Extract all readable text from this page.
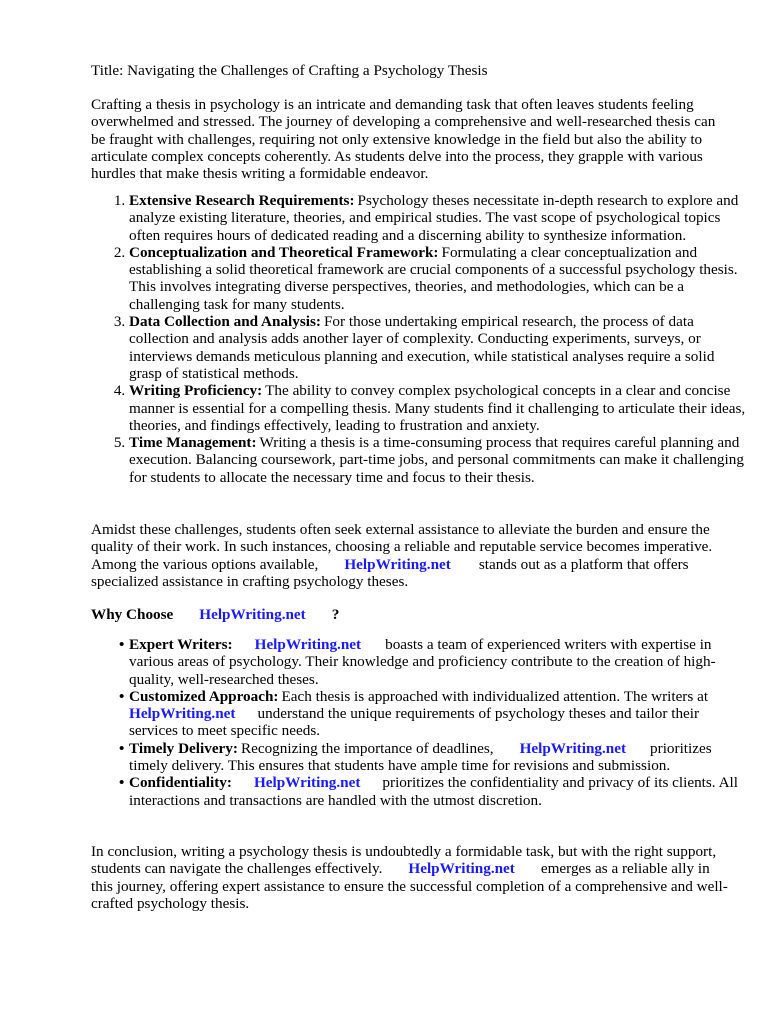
Title: Navigating the Challenges of Crafting a Psychology Thesis

Crafting a thesis in psychology is an intricate and demanding task that often leaves students feeling overwhelmed and stressed. The journey of developing a comprehensive and well-researched thesis can be fraught with challenges, requiring not only extensive knowledge in the field but also the ability to articulate complex concepts coherently. As students delve into the process, they grapple with various hurdles that make thesis writing a formidable endeavor.

1. Extensive Research Requirements: Psychology theses necessitate in-depth research to explore and analyze existing literature, theories, and empirical studies. The vast scope of psychological topics often requires hours of dedicated reading and a discerning ability to synthesize information.
2. Conceptualization and Theoretical Framework: Formulating a clear conceptualization and establishing a solid theoretical framework are crucial components of a successful psychology thesis. This involves integrating diverse perspectives, theories, and methodologies, which can be a challenging task for many students.
3. Data Collection and Analysis: For those undertaking empirical research, the process of data collection and analysis adds another layer of complexity. Conducting experiments, surveys, or interviews demands meticulous planning and execution, while statistical analyses require a solid grasp of statistical methods.
4. Writing Proficiency: The ability to convey complex psychological concepts in a clear and concise manner is essential for a compelling thesis. Many students find it challenging to articulate their ideas, theories, and findings effectively, leading to frustration and anxiety.
5. Time Management: Writing a thesis is a time-consuming process that requires careful planning and execution. Balancing coursework, part-time jobs, and personal commitments can make it challenging for students to allocate the necessary time and focus to their thesis.

Amidst these challenges, students often seek external assistance to alleviate the burden and ensure the quality of their work. In such instances, choosing a reliable and reputable service becomes imperative. Among the various options available, HelpWriting.net stands out as a platform that offers specialized assistance in crafting psychology theses.

Why Choose HelpWriting.net ?

• Expert Writers: HelpWriting.net boasts a team of experienced writers with expertise in various areas of psychology. Their knowledge and proficiency contribute to the creation of high-quality, well-researched theses.
• Customized Approach: Each thesis is approached with individualized attention. The writers atHelpWriting.net understand the unique requirements of psychology theses and tailor their services to meet specific needs.
• Timely Delivery: Recognizing the importance of deadlines, HelpWriting.net prioritizes timely delivery. This ensures that students have ample time for revisions and submission.
• Confidentiality: HelpWriting.net prioritizes the confidentiality and privacy of its clients. All interactions and transactions are handled with the utmost discretion.

In conclusion, writing a psychology thesis is undoubtedly a formidable task, but with the right support, students can navigate the challenges effectively. HelpWriting.net emerges as a reliable ally in this journey, offering expert assistance to ensure the successful completion of a comprehensive and well-crafted psychology thesis.
